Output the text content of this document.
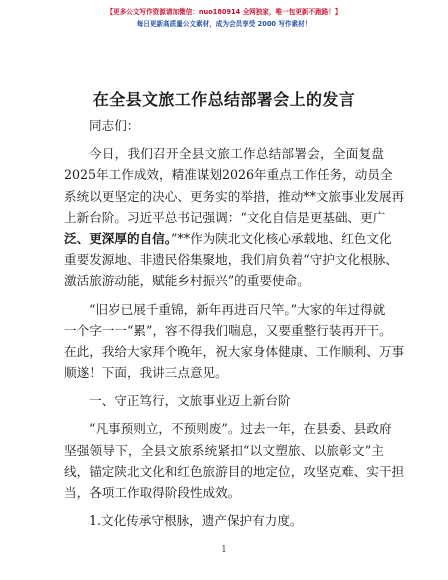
【更多公文写作资源请加微信：nuo180914 全网独家，唯一包更新不跑路！】
每日更新高质量公文素材，成为会员享受 2000 写作素材！
在全县文旅工作总结部署会上的发言
同志们：
今日，我们召开全县文旅工作总结部署会，全面复盘
2025年工作成效，精准谋划2026年重点工作任务，动员全
系统以更坚定的决心、更务实的举措，推动**文旅事业发展再
上新台阶。习近平总书记强调：“文化自信是更基础、更广
泛、更深厚的自信。”**作为陕北文化核心承载地、红色文化
重要发源地、非遗民俗集聚地，我们肩负着“守护文化根脉、
激活旅游动能，赋能乡村振兴”的重要使命。
“旧岁已展千重锦，新年再进百尺竿。”大家的年过得就
一个字一一“累”，容不得我们喘息，又要重整行装再开干。
在此，我给大家拜个晚年，祝大家身体健康、工作顺利、万事
顺遂！下面，我讲三点意见。
一、守正笃行，文旅事业迈上新台阶
“凡事预则立，不预则废”。过去一年，在县委、县政府
坚强领导下，全县文旅系统紧扣“以文塑旅、以旅彰文”主
线，锚定陕北文化和红色旅游目的地定位，攻坚克难、实干担
当，各项工作取得阶段性成效。
1.文化传承守根脉，遗产保护有力度。
1
